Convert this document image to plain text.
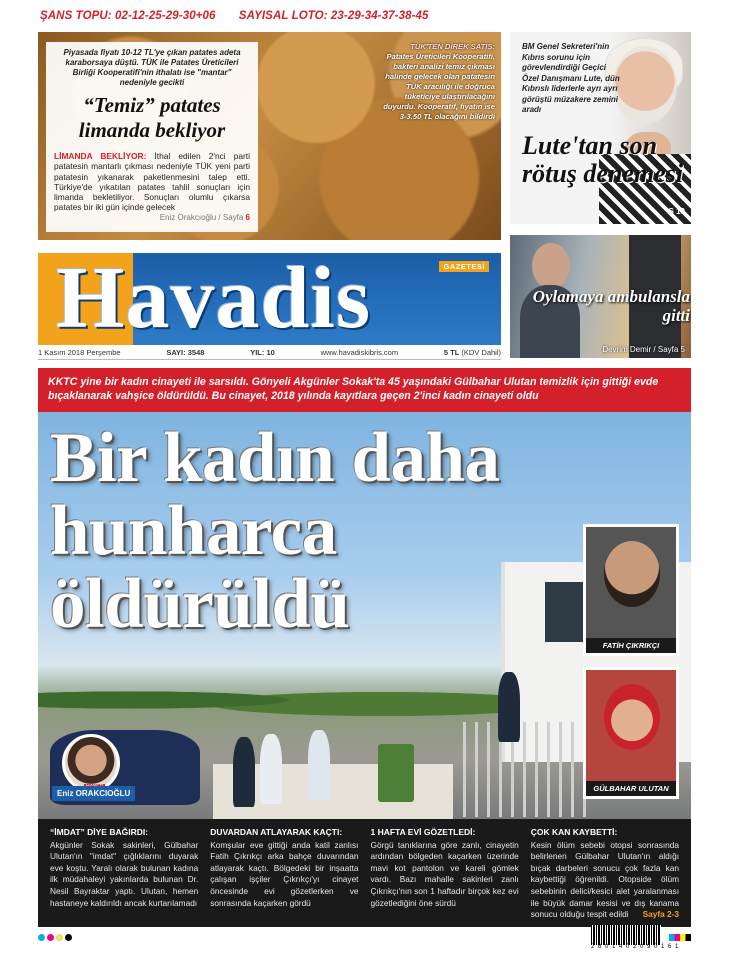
ŞANS TOPU: 02-12-25-29-30+06 SAYISAL LOTO: 23-29-34-37-38-45
Piyasada fiyatı 10-12 TL'ye çıkan patates adeta karaborsaya düştü. TÜK ile Patates Üreticileri Birliği Kooperatifi'nin ithalatı ise "mantar" nedeniyle gecikti
“Temiz” patates limanda bekliyor
LİMANDA BEKLİYOR: İthal edilen 2'nci parti patatesin mantarlı çıkması nedeniyle TÜK yeni parti patatesin yıkanarak paketlenmesini talep etti. Türkiye'de yıkatılan patates tahlil sonuçları için limanda bekletiliyor. Sonuçları olumlu çıkarsa patates bir iki gün içinde gelecek
Eniz Orakcıoğlu / Sayfa 6
TÜK'TEN DİREK SATIŞ:
Patates Üreticileri Kooperatifi, bakteri analizi temiz çıkması halinde gelecek olan patatesin TÜK aracılığı ile doğruca tüketiciye ulaştırılacağını duyurdu. Kooperatif, fiyatın ise 3-3.50 TL olacağını bildirdi
BM Genel Sekreteri'nin Kıbrıs sorunu için görevlendirdiği Geçici Özel Danışmanı Lute, dün Kıbrıslı liderlerle ayrı ayrı görüştü müzakere zemini aradı
Lute'tan son rötuş denemesi
S 10
Havadis	GAZETESİ
1 Kasım 2018 Perşembe	SAYI: 3548	YIL: 10	www.havadiskibris.com	5 TL (KDV Dahil)
Oylamaya ambulansla gitti
Devrim Demir / Sayfa 5
KKTC yine bir kadın cinayeti ile sarsıldı. Gönyeli Akgünler Sokak'ta 45 yaşındaki Gülbahar Ulutan temizlik için gittiği evde bıçaklanarak vahşice öldürüldü. Bu cinayet, 2018 yılında kayıtlara geçen 2'inci kadın cinayeti oldu
Bir kadın daha
hunharca
öldürüldü
FATİH ÇIKRIKÇI
GÜLBAHAR ULUTAN
Eniz ORAKCIOĞLU
“İMDAT” DİYE BAĞIRDI:
Akgünler Sokak sakinleri, Gülbahar Ulutan'ın "imdat" çığlıklarını duyarak eve koştu. Yaralı olarak bulunan kadına ilk müdahaleyi yakınlarda bulunan Dr. Nesil Bayraktar yaptı. Ulutan, hemen hastaneye kaldırıldı ancak kurtarılamadı
DUVARDAN ATLAYARAK KAÇTI:
Komşular eve gittiği anda katil zanlısı Fatih Çıkrıkçı arka bahçe duvarından atlayarak kaçtı. Bölgedeki bir inşaatta çalışan işçiler Çıkrıkçı'yı cinayet öncesinde evi gözetlerken ve sonrasında kaçarken gördü
1 HAFTA EVİ GÖZETLEDİ:
Görgü tanıklarına göre zanlı, cinayetin ardından bölgeden kaçarken üzerinde mavi kot pantolon ve kareli gömlek vardı. Bazı mahalle sakinleri zanlı Çıkrıkçı'nın son 1 haftadır birçok kez evi gözetlediğini öne sürdü
ÇOK KAN KAYBETTİ:
Kesin ölüm sebebi otopsi sonrasında belirlenen Gülbahar Ulutan'ın aldığı bıçak darbeleri sonucu çok fazla kan kaybettiği öğrenildi. Otopside ölüm sebebinin delici/kesici alet yaralanması ile büyük damar kesisi ve dış kanama sonucu olduğu tespit edildi Sayfa 2-3
2 8 0 1 4 0 2 0 9 0 1 6 1
